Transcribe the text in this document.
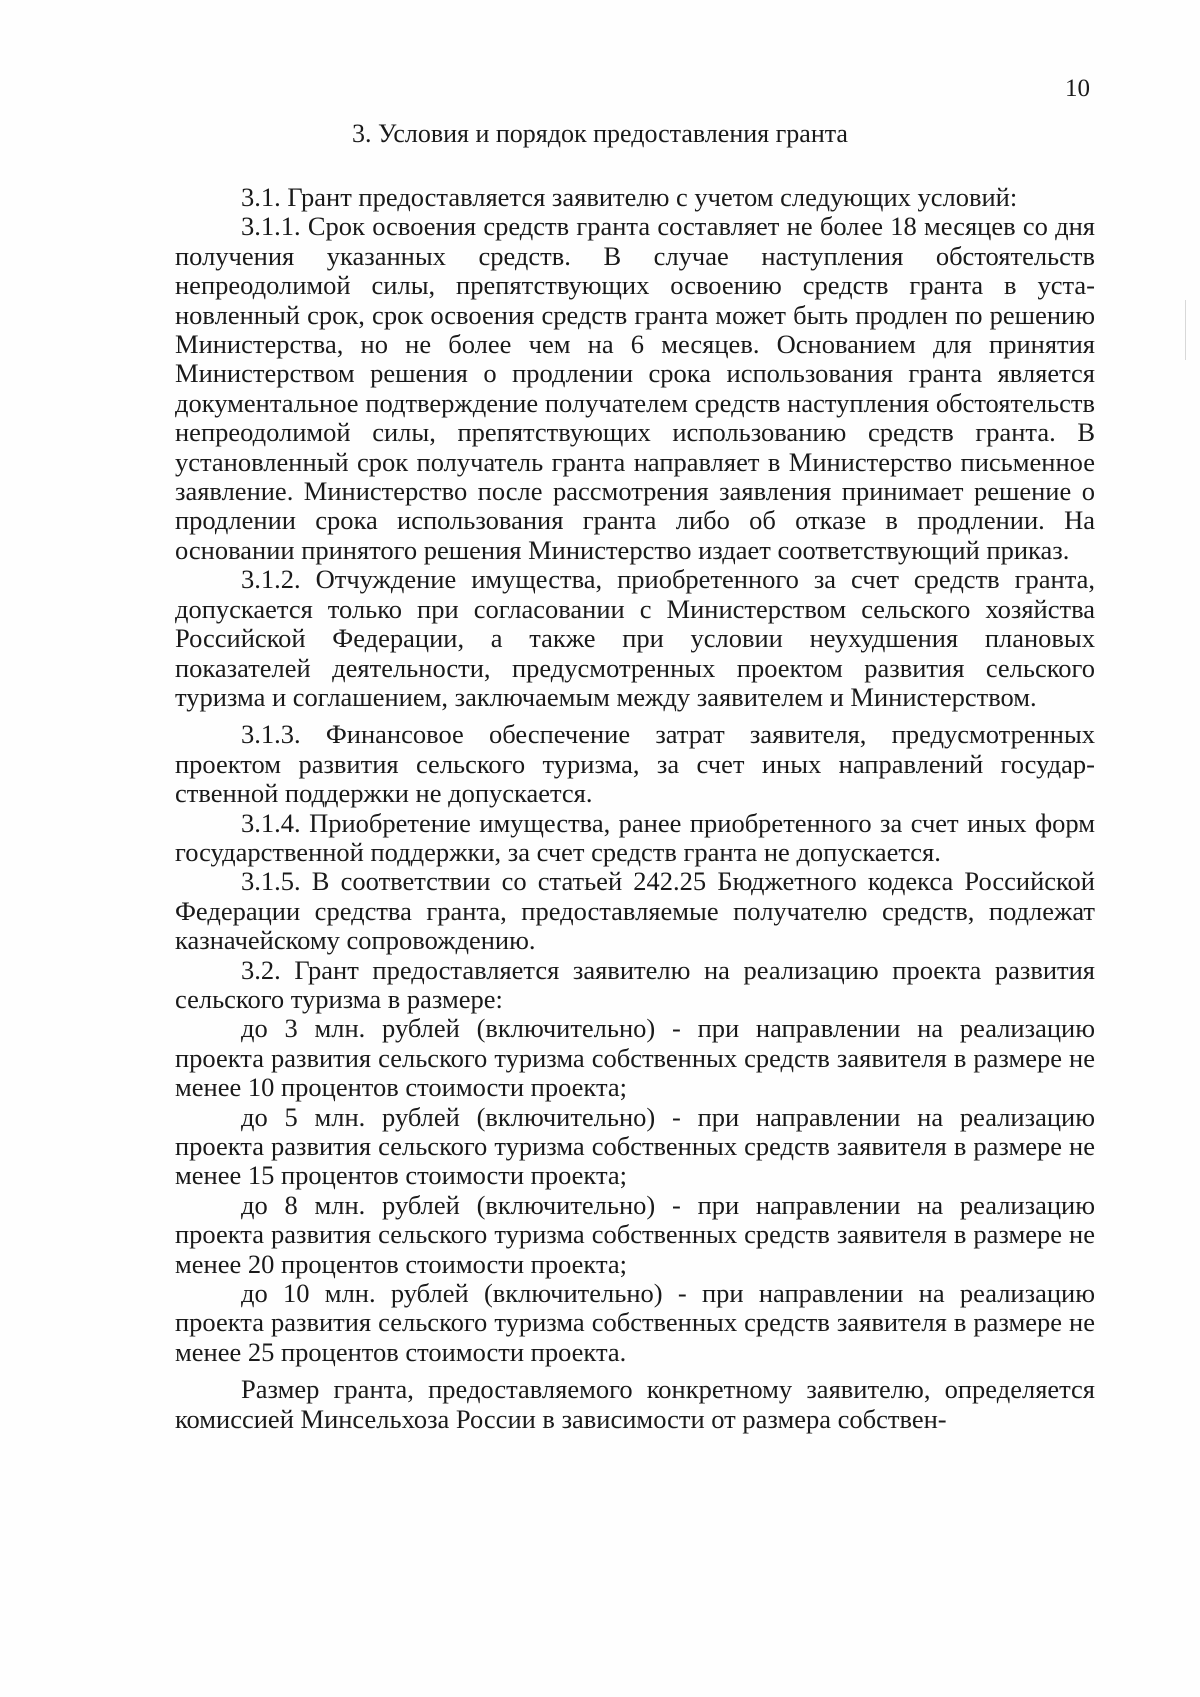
10
3. Условия и порядок предоставления гранта

3.1. Грант предоставляется заявителю с учетом следующих условий:

3.1.1. Срок освоения средств гранта составляет не более 18 месяцев со дня получения указанных средств. В случае наступления обстоятельств непреодолимой силы, препятствующих освоению средств гранта в установленный срок, срок освоения средств гранта может быть продлен по решению Министерства, но не более чем на 6 месяцев. Основанием для принятия Министерством решения о продлении срока использования гранта является документальное подтверждение получателем средств наступления обстоятельств непреодолимой силы, препятствующих использованию средств гранта. В установленный срок получатель гранта направляет в Министерство письменное заявление. Министерство после рассмотрения заявления принимает решение о продлении срока использования гранта либо об отказе в продлении. На основании принятого решения Министерство издает соответствующий приказ.

3.1.2. Отчуждение имущества, приобретенного за счет средств гранта, допускается только при согласовании с Министерством сельского хозяйства Российской Федерации, а также при условии неухудшения плановых показателей деятельности, предусмотренных проектом развития сельского туризма и соглашением, заключаемым между заявителем и Министерством.

3.1.3. Финансовое обеспечение затрат заявителя, предусмотренных проектом развития сельского туризма, за счет иных направлений государственной поддержки не допускается.

3.1.4. Приобретение имущества, ранее приобретенного за счет иных форм государственной поддержки, за счет средств гранта не допускается.

3.1.5. В соответствии со статьей 242.25 Бюджетного кодекса Российской Федерации средства гранта, предоставляемые получателю средств, подлежат казначейскому сопровождению.

3.2. Грант предоставляется заявителю на реализацию проекта развития сельского туризма в размере:

до 3 млн. рублей (включительно) - при направлении на реализацию проекта развития сельского туризма собственных средств заявителя в размере не менее 10 процентов стоимости проекта;

до 5 млн. рублей (включительно) - при направлении на реализацию проекта развития сельского туризма собственных средств заявителя в размере не менее 15 процентов стоимости проекта;

до 8 млн. рублей (включительно) - при направлении на реализацию проекта развития сельского туризма собственных средств заявителя в размере не менее 20 процентов стоимости проекта;

до 10 млн. рублей (включительно) - при направлении на реализацию проекта развития сельского туризма собственных средств заявителя в размере не менее 25 процентов стоимости проекта.

Размер гранта, предоставляемого конкретному заявителю, определяется комиссией Минсельхоза России в зависимости от размера собствен-
